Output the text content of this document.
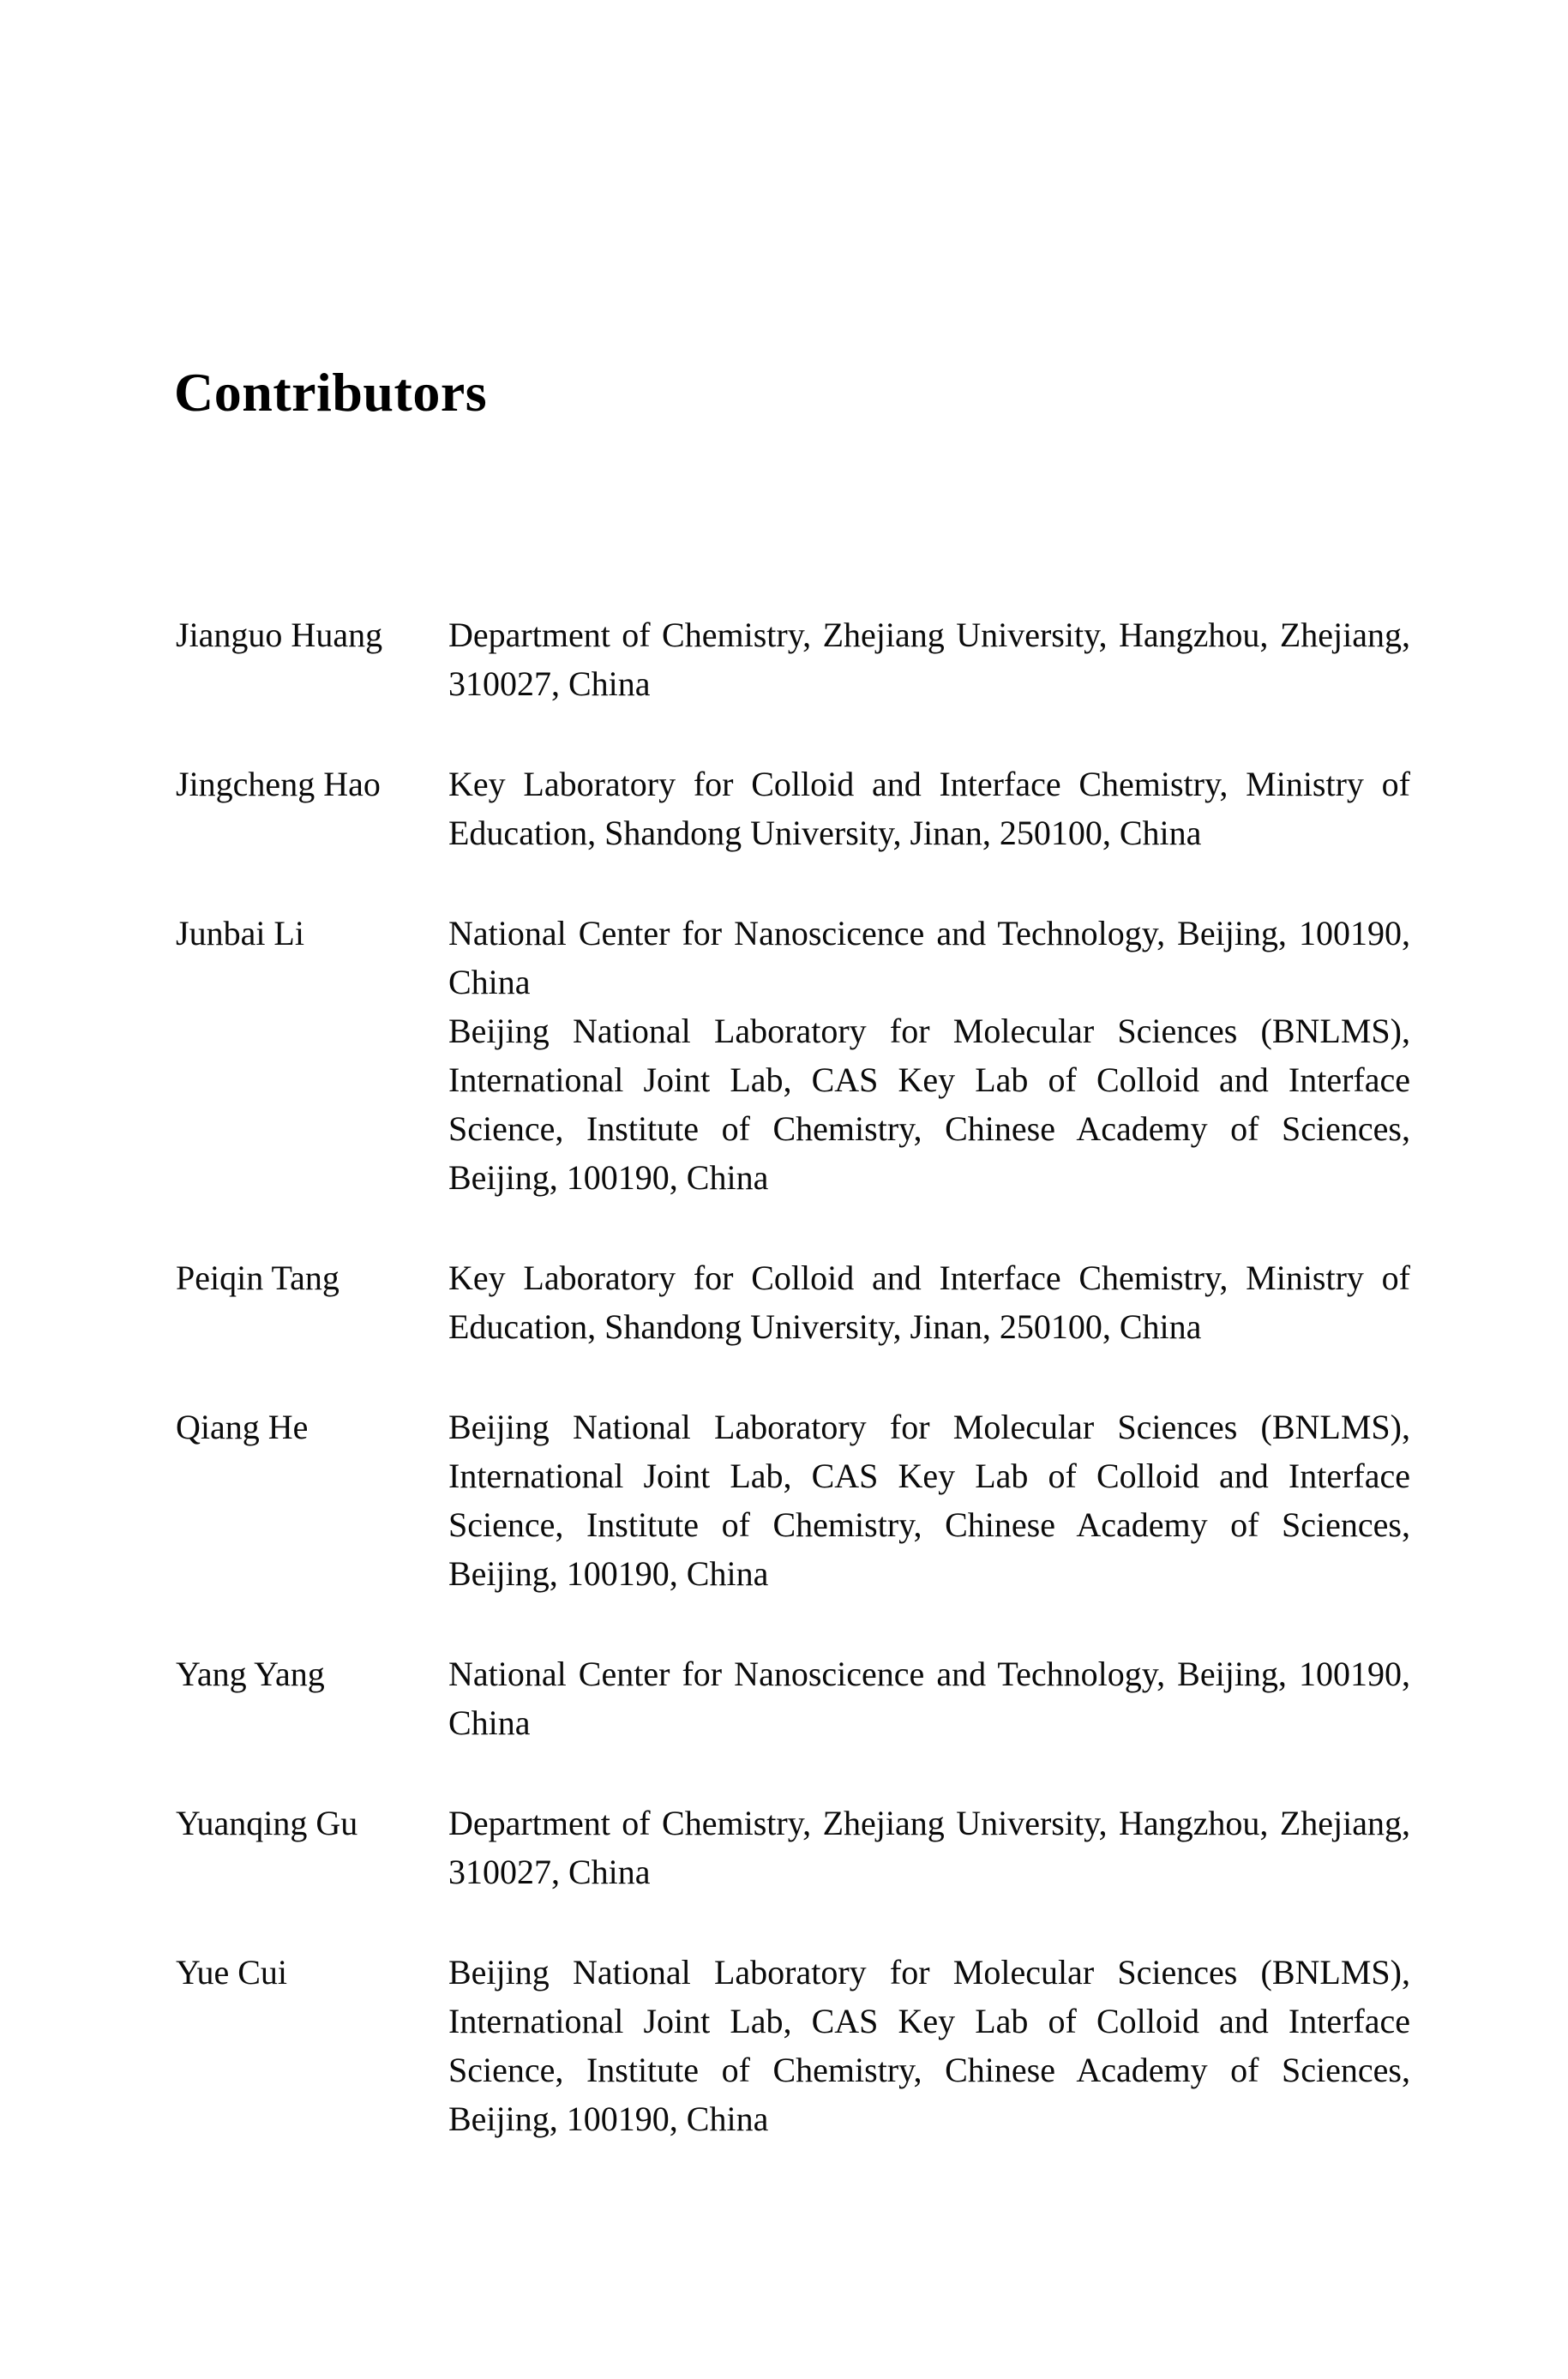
Contributors
Jianguo Huang	Department of Chemistry, Zhejiang University, Hangzhou, Zhejiang, 310027, China
Jingcheng Hao	Key Laboratory for Colloid and Interface Chemistry, Ministry of Education, Shandong University, Jinan, 250100, China
Junbai Li	National Center for Nanoscicence and Technology, Beijing, 100190, China
Beijing National Laboratory for Molecular Sciences (BNLMS), International Joint Lab, CAS Key Lab of Colloid and Interface Science, Institute of Chemistry, Chinese Academy of Sciences, Beijing, 100190, China
Peiqin Tang	Key Laboratory for Colloid and Interface Chemistry, Ministry of Education, Shandong University, Jinan, 250100, China
Qiang He	Beijing National Laboratory for Molecular Sciences (BNLMS), International Joint Lab, CAS Key Lab of Colloid and Interface Science, Institute of Chemistry, Chinese Academy of Sciences, Beijing, 100190, China
Yang Yang	National Center for Nanoscicence and Technology, Beijing, 100190, China
Yuanqing Gu	Department of Chemistry, Zhejiang University, Hangzhou, Zhejiang, 310027, China
Yue Cui	Beijing National Laboratory for Molecular Sciences (BNLMS), International Joint Lab, CAS Key Lab of Colloid and Interface Science, Institute of Chemistry, Chinese Academy of Sciences, Beijing, 100190, China
